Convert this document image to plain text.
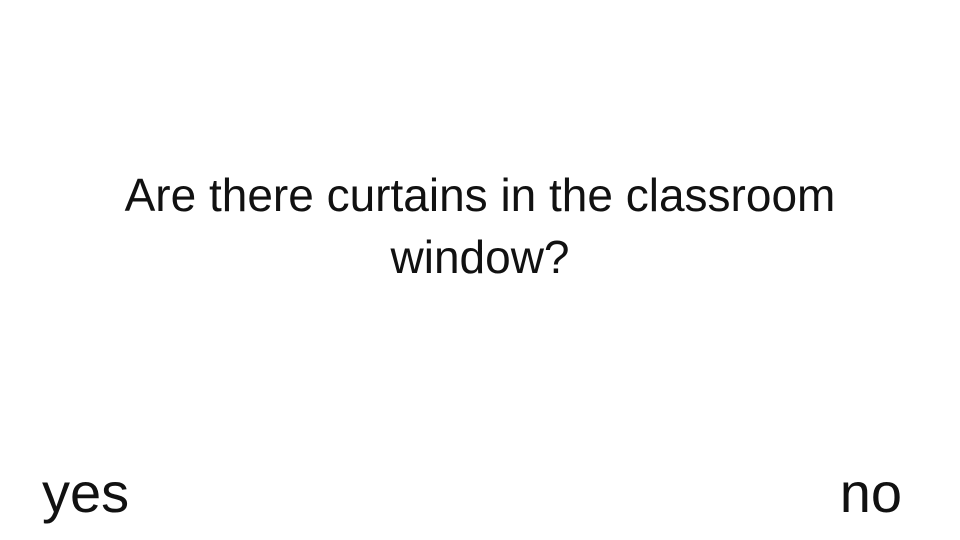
Are there curtains in the classroom window?
yes	no
